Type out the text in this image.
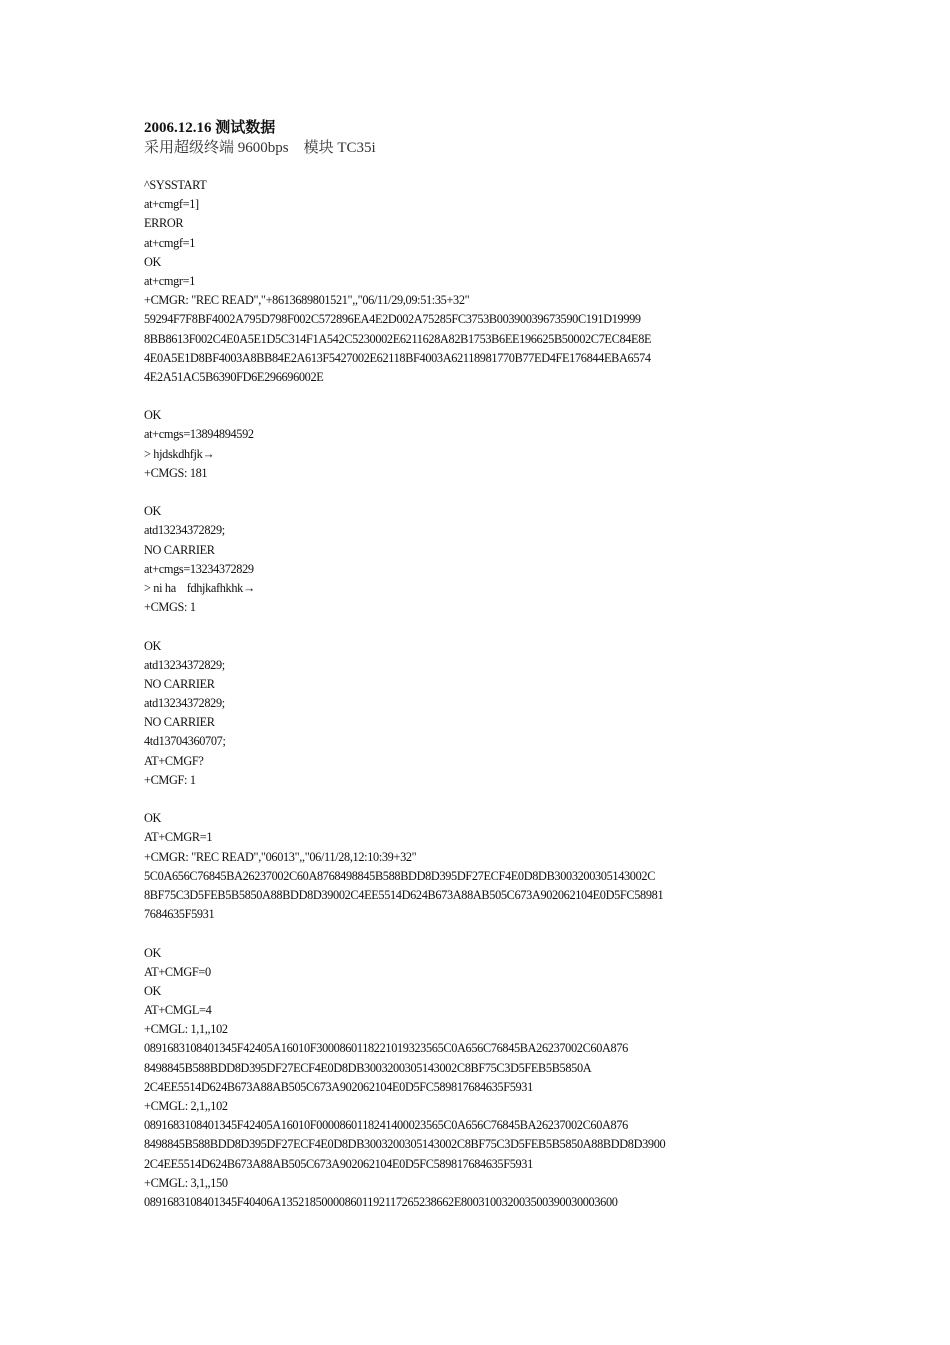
2006.12.16 测试数据
采用超级终端 9600bps    模块 TC35i
^SYSSTART
at+cmgf=1]
ERROR
at+cmgf=1
OK
at+cmgr=1
+CMGR: "REC READ","+8613689801521",,"06/11/29,09:51:35+32"
59294F7F8BF4002A795D798F002C572896EA4E2D002A75285FC3753B00390039673590C191D19999
8BB8613F002C4E0A5E1D5C314F1A542C5230002E6211628A82B1753B6EE196625B50002C7EC84E8E
4E0A5E1D8BF4003A8BB84E2A613F5427002E62118BF4003A62118981770B77ED4FE176844EBA6574
4E2A51AC5B6390FD6E296696002E
OK
at+cmgs=13894894592
> hjdskdhfjk→
+CMGS: 181
OK
atd13234372829;
NO CARRIER
at+cmgs=13234372829
> ni ha    fdhjkafhkhk→
+CMGS: 1
OK
atd13234372829;
NO CARRIER
atd13234372829;
NO CARRIER
4td13704360707;
AT+CMGF?
+CMGF: 1
OK
AT+CMGR=1
+CMGR: "REC READ","06013",,"06/11/28,12:10:39+32"
5C0A656C76845BA26237002C60A8768498845B588BDD8D395DF27ECF4E0D8DB3003200305143002C
8BF75C3D5FEB5B5850A88BDD8D39002C4EE5514D624B673A88AB505C673A902062104E0D5FC58981
7684635F5931
OK
AT+CMGF=0
OK
AT+CMGL=4
+CMGL: 1,1,,102
0891683108401345F42405A16010F3000860118221019323565C0A656C76845BA26237002C60A876
8498845B588BDD8D395DF27ECF4E0D8DB3003200305143002C8BF75C3D5FEB5B5850A
2C4EE5514D624B673A88AB505C673A902062104E0D5FC589817684635F5931
+CMGL: 2,1,,102
0891683108401345F42405A16010F0000860118241400023565C0A656C76845BA26237002C60A876
8498845B588BDD8D395DF27ECF4E0D8DB3003200305143002C8BF75C3D5FEB5B5850A88BDD8D3900
2C4EE5514D624B673A88AB505C673A902062104E0D5FC589817684635F5931
+CMGL: 3,1,,150
0891683108401345F40406A135218500008601192117265238662E800310032003500390030003600
